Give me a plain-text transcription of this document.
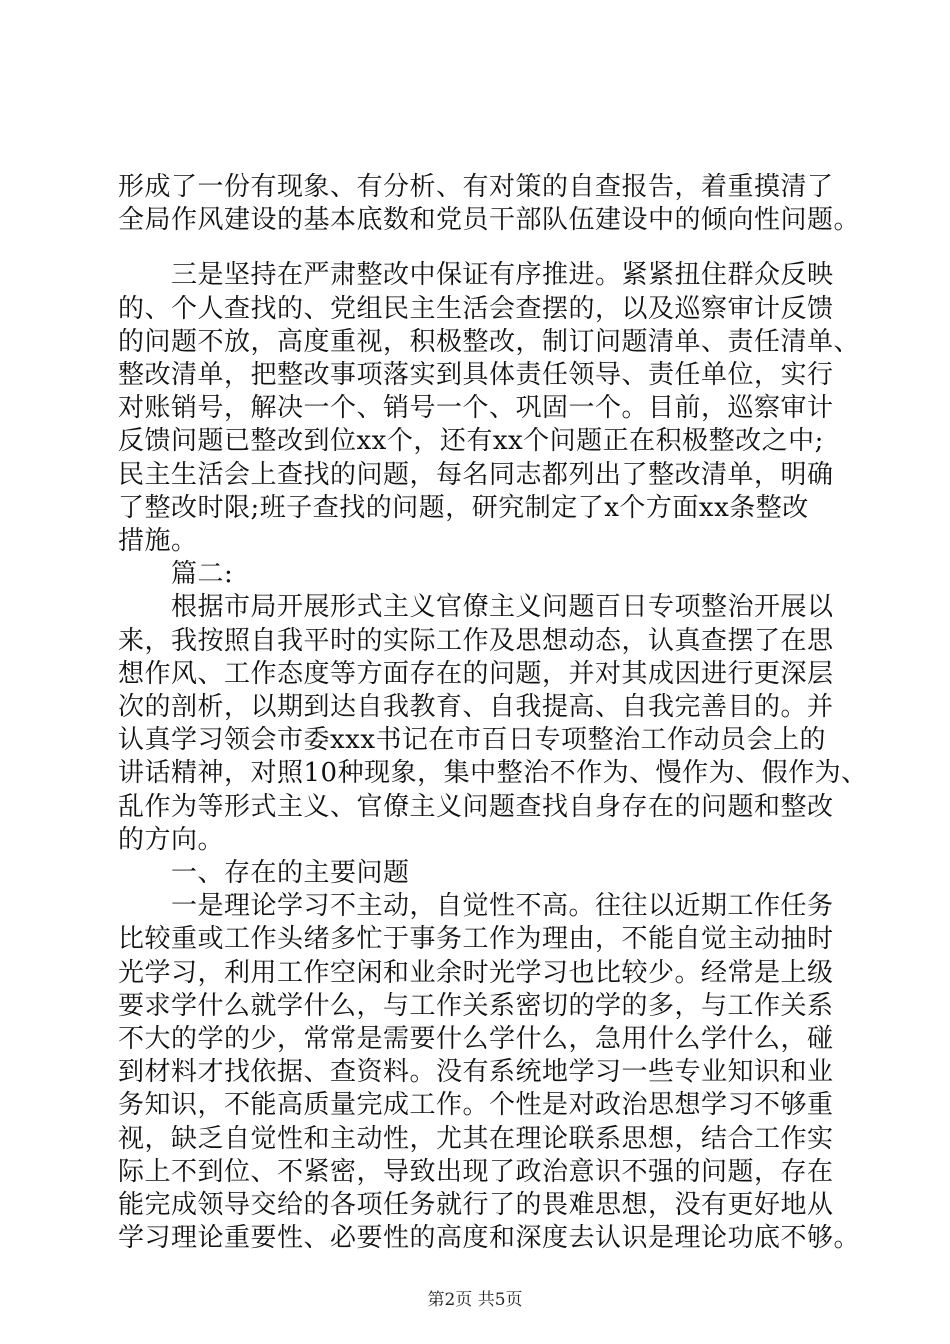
形成了一份有现象、有分析、有对策的自查报告，着重摸清了
全局作风建设的基本底数和党员干部队伍建设中的倾向性问题。
　　三是坚持在严肃整改中保证有序推进。紧紧扭住群众反映
的、个人查找的、党组民主生活会查摆的，以及巡察审计反馈
的问题不放，高度重视，积极整改，制订问题清单、责任清单、
整改清单，把整改事项落实到具体责任领导、责任单位，实行
对账销号，解决一个、销号一个、巩固一个。目前，巡察审计
反馈问题已整改到位xx个，还有xx个问题正在积极整改之中;
民主生活会上查找的问题，每名同志都列出了整改清单，明确
了整改时限;班子查找的问题，研究制定了x个方面xx条整改
措施。
　　篇二:
　　根据市局开展形式主义官僚主义问题百日专项整治开展以
来，我按照自我平时的实际工作及思想动态，认真查摆了在思
想作风、工作态度等方面存在的问题，并对其成因进行更深层
次的剖析，以期到达自我教育、自我提高、自我完善目的。并
认真学习领会市委xxx书记在市百日专项整治工作动员会上的
讲话精神，对照10种现象，集中整治不作为、慢作为、假作为、
乱作为等形式主义、官僚主义问题查找自身存在的问题和整改
的方向。
　　一、存在的主要问题
　　一是理论学习不主动，自觉性不高。往往以近期工作任务
比较重或工作头绪多忙于事务工作为理由，不能自觉主动抽时
光学习，利用工作空闲和业余时光学习也比较少。经常是上级
要求学什么就学什么，与工作关系密切的学的多，与工作关系
不大的学的少，常常是需要什么学什么，急用什么学什么，碰
到材料才找依据、查资料。没有系统地学习一些专业知识和业
务知识，不能高质量完成工作。个性是对政治思想学习不够重
视，缺乏自觉性和主动性，尤其在理论联系思想，结合工作实
际上不到位、不紧密，导致出现了政治意识不强的问题，存在
能完成领导交给的各项任务就行了的畏难思想，没有更好地从
学习理论重要性、必要性的高度和深度去认识是理论功底不够。
第2页 共5页
